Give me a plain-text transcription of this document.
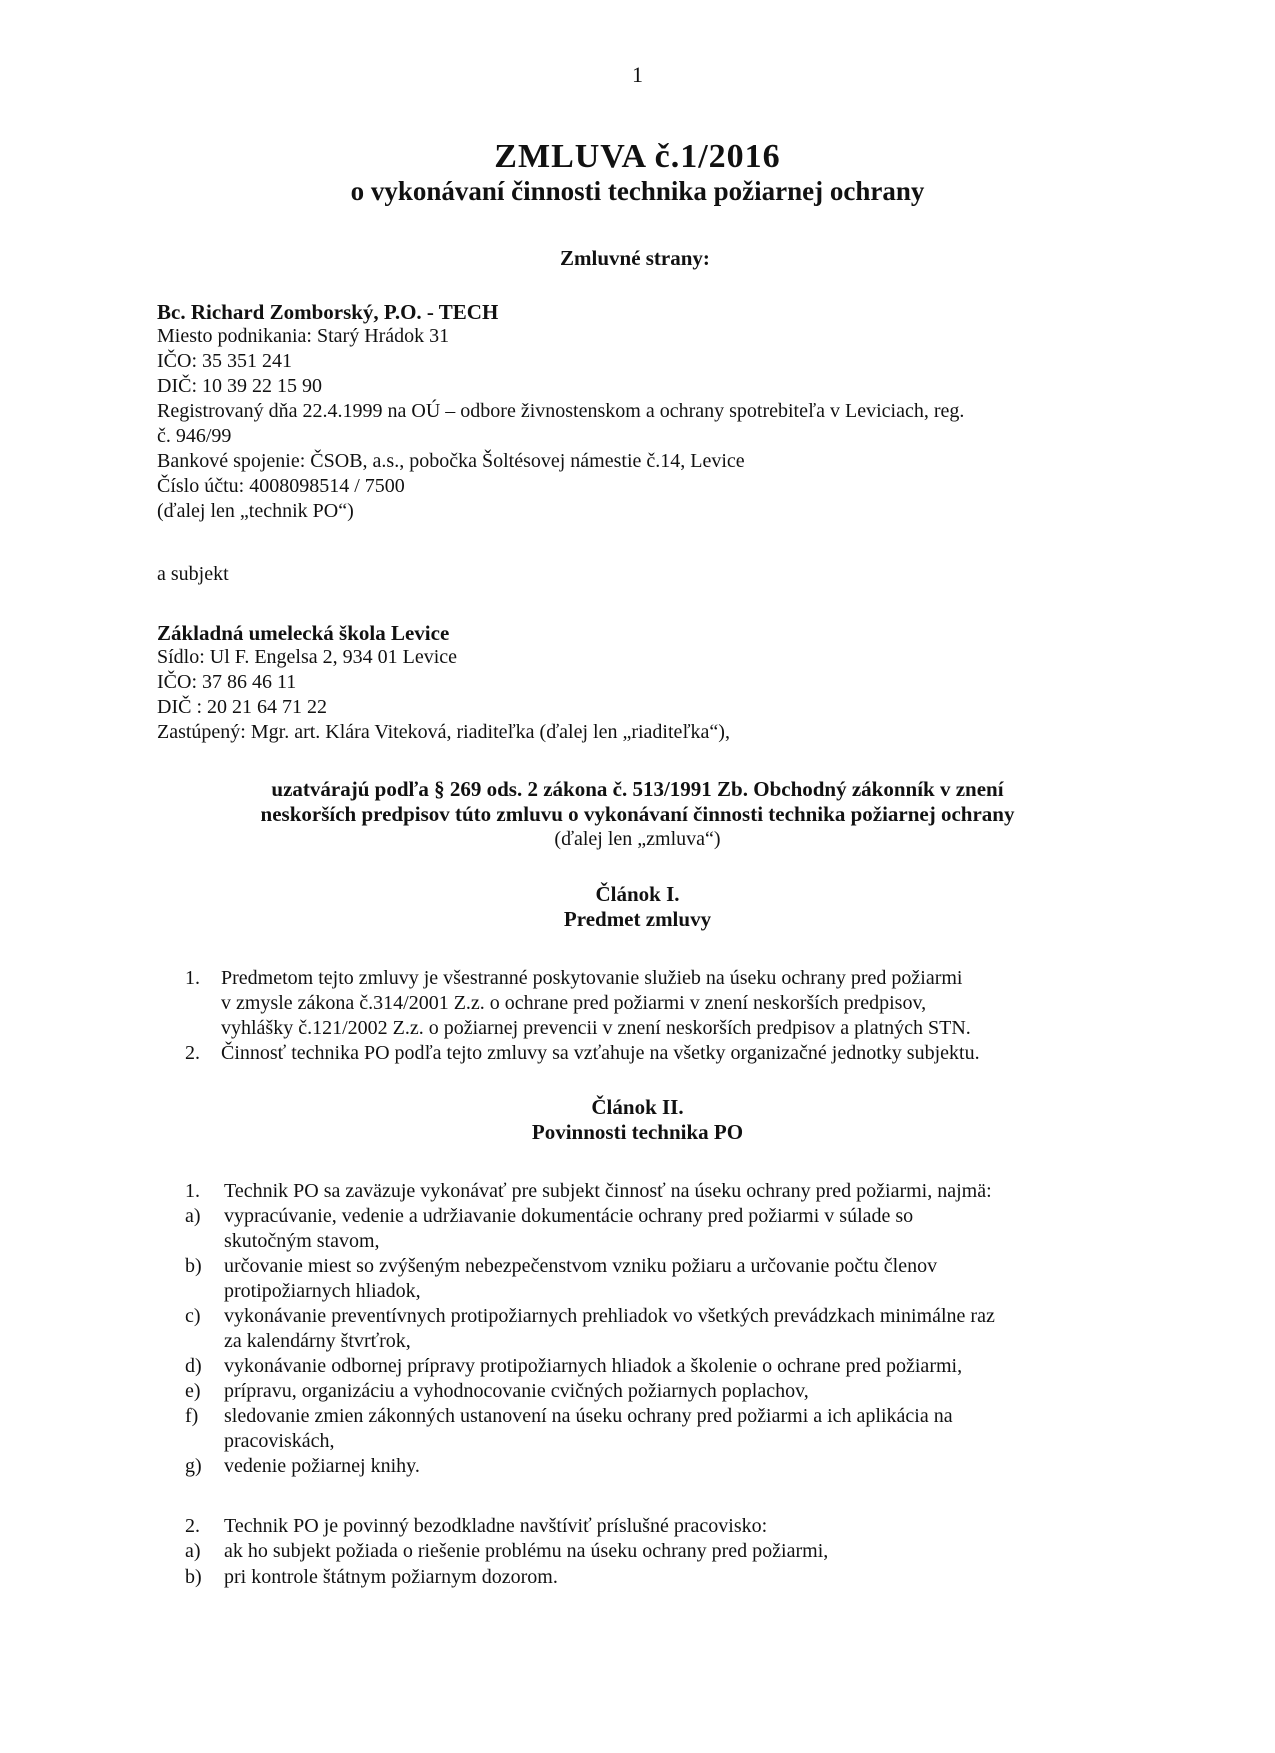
1
ZMLUVA č.1/2016
o vykonávaní činnosti technika požiarnej ochrany
Zmluvné strany:
Bc. Richard Zomborský, P.O. - TECH
Miesto podnikania: Starý Hrádok 31
IČO: 35 351 241
DIČ: 10 39 22 15 90
Registrovaný dňa 22.4.1999 na OÚ – odbore živnostenskom a ochrany spotrebiteľa v Leviciach, reg.
č. 946/99
Bankové spojenie: ČSOB, a.s., pobočka Šoltésovej námestie č.14, Levice
Číslo účtu: 4008098514 / 7500
(ďalej len „technik PO“)
a subjekt
Základná umelecká škola Levice
Sídlo: Ul F. Engelsa 2, 934 01 Levice
IČO: 37 86 46 11
DIČ : 20 21 64 71 22
Zastúpený: Mgr. art. Klára Viteková, riaditeľka (ďalej len „riaditeľka“),
uzatvárajú podľa § 269 ods. 2 zákona č. 513/1991 Zb. Obchodný zákonník v znení
neskorších predpisov túto zmluvu o vykonávaní činnosti technika požiarnej ochrany
(ďalej len „zmluva“)
Článok I.
Predmet zmluvy
1. Predmetom tejto zmluvy je všestranné poskytovanie služieb na úseku ochrany pred požiarmi
v zmysle zákona č.314/2001 Z.z. o ochrane pred požiarmi v znení neskorších predpisov,
vyhlášky č.121/2002 Z.z. o požiarnej prevencii v znení neskorších predpisov a platných STN.
2. Činnosť technika PO podľa tejto zmluvy sa vzťahuje na všetky organizačné jednotky subjektu.
Článok II.
Povinnosti technika PO
1. Technik PO sa zaväzuje vykonávať pre subjekt činnosť na úseku ochrany pred požiarmi, najmä:
a) vypracúvanie, vedenie a udržiavanie dokumentácie ochrany pred požiarmi v súlade so
skutočným stavom,
b) určovanie miest so zvýšeným nebezpečenstvom vzniku požiaru a určovanie počtu členov
protipožiarnych hliadok,
c) vykonávanie preventívnych protipožiarnych prehliadok vo všetkých prevádzkach minimálne raz
za kalendárny štvrťrok,
d) vykonávanie odbornej prípravy protipožiarnych hliadok a školenie o ochrane pred požiarmi,
e) prípravu, organizáciu a vyhodnocovanie cvičných požiarnych poplachov,
f) sledovanie zmien zákonných ustanovení na úseku ochrany pred požiarmi a ich aplikácia na
pracoviskách,
g) vedenie požiarnej knihy.
2. Technik PO je povinný bezodkladne navštíviť príslušné pracovisko:
a) ak ho subjekt požiada o riešenie problému na úseku ochrany pred požiarmi,
b) pri kontrole štátnym požiarnym dozorom.
